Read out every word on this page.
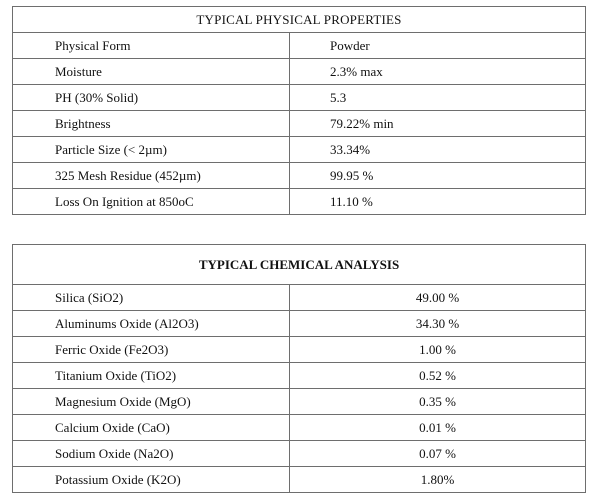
TYPICAL PHYSICAL PROPERTIES	
Physical Form	Powder
Moisture	2.3% max
PH (30% Solid)	5.3
Brightness	79.22% min
Particle Size (< 2µm)	33.34%
325 Mesh Residue (452µm)	99.95 %
Loss On Ignition at 850oC	11.10 %
TYPICAL CHEMICAL ANALYSIS	
Silica (SiO2)	49.00 %
Aluminums Oxide (Al2O3)	34.30 %
Ferric Oxide (Fe2O3)	1.00 %
Titanium Oxide (TiO2)	0.52 %
Magnesium Oxide (MgO)	0.35 %
Calcium Oxide (CaO)	0.01 %
Sodium Oxide (Na2O)	0.07 %
Potassium Oxide (K2O)	1.80%
